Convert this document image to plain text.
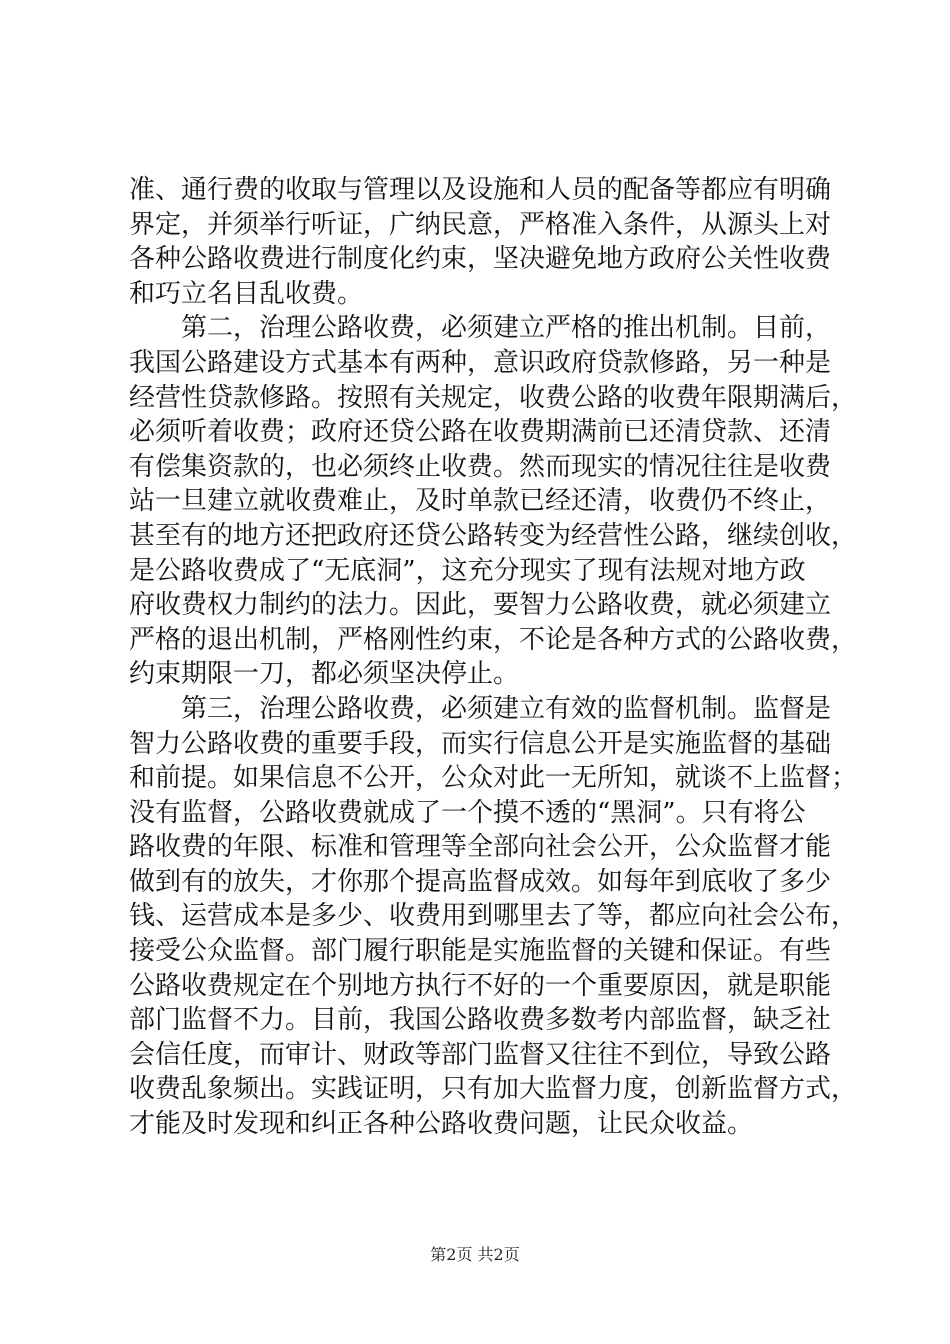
准、通行费的收取与管理以及设施和人员的配备等都应有明确
界定，并须举行听证，广纳民意，严格准入条件，从源头上对
各种公路收费进行制度化约束，坚决避免地方政府公关性收费
和巧立名目乱收费。
　　第二，治理公路收费，必须建立严格的推出机制。目前，
我国公路建设方式基本有两种，意识政府贷款修路，另一种是
经营性贷款修路。按照有关规定，收费公路的收费年限期满后，
必须听着收费；政府还贷公路在收费期满前已还清贷款、还清
有偿集资款的，也必须终止收费。然而现实的情况往往是收费
站一旦建立就收费难止，及时单款已经还清，收费仍不终止，
甚至有的地方还把政府还贷公路转变为经营性公路，继续创收，
是公路收费成了“无底洞”，这充分现实了现有法规对地方政
府收费权力制约的法力。因此，要智力公路收费，就必须建立
严格的退出机制，严格刚性约束，不论是各种方式的公路收费，
约束期限一刀，都必须坚决停止。
　　第三，治理公路收费，必须建立有效的监督机制。监督是
智力公路收费的重要手段，而实行信息公开是实施监督的基础
和前提。如果信息不公开，公众对此一无所知，就谈不上监督；
没有监督，公路收费就成了一个摸不透的“黑洞”。只有将公
路收费的年限、标准和管理等全部向社会公开，公众监督才能
做到有的放失，才你那个提高监督成效。如每年到底收了多少
钱、运营成本是多少、收费用到哪里去了等，都应向社会公布，
接受公众监督。部门履行职能是实施监督的关键和保证。有些
公路收费规定在个别地方执行不好的一个重要原因，就是职能
部门监督不力。目前，我国公路收费多数考内部监督，缺乏社
会信任度，而审计、财政等部门监督又往往不到位，导致公路
收费乱象频出。实践证明，只有加大监督力度，创新监督方式，
才能及时发现和纠正各种公路收费问题，让民众收益。
第2页 共2页
